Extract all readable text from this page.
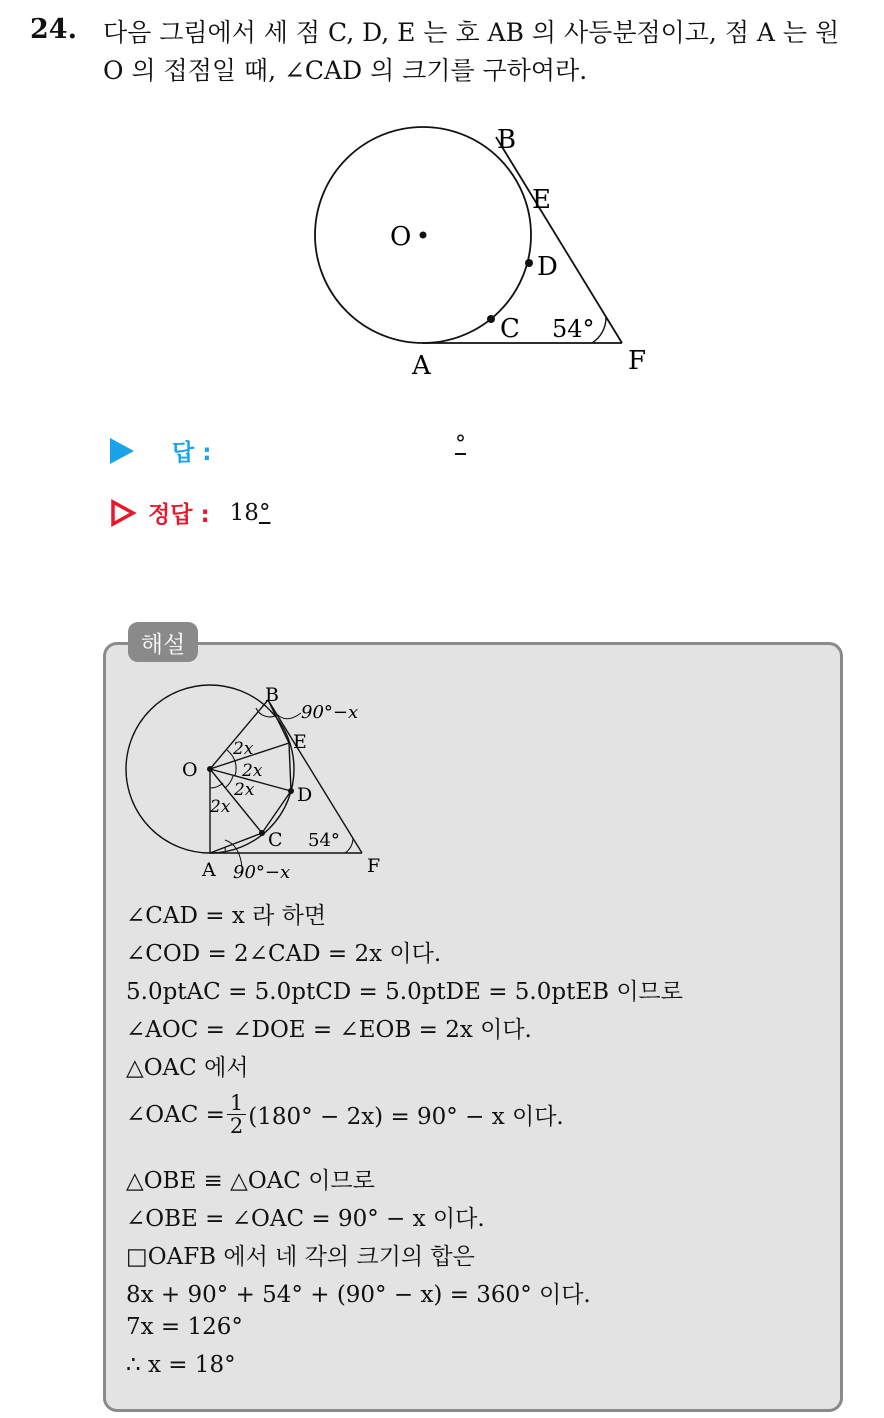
24. 다음 그림에서 세 점 C, D, E 는 호 AB 의 사등분점이고, 점 A 는 원
O 의 접점일 때, ∠CAD 의 크기를 구하여라.
B
E
O
D
C 54°
A	F
답 :	°
정답 : 18 °
해설
B
E
O
D
C
A	F
54°
90°−x
90°−x
2x
2x
2x
2x
∠CAD = x 라 하면
∠COD = 2∠CAD = 2x 이다.
5.0ptAC = 5.0ptCD = 5.0ptDE = 5.0ptEB 이므로
∠AOC = ∠DOE = ∠EOB = 2x 이다.
△OAC 에서
∠OAC = $\frac{1}{2} (180^\circ - 2x) = 90^\circ - x$ 이다.
△OBE ≡ △OAC 이므로
∠OBE = ∠OAC = 90° − x 이다.
□OAFB 에서 네 각의 크기의 합은
8x + 90° + 54° + (90° − x) = 360° 이다.
7x = 126°
∴ x = 18°
